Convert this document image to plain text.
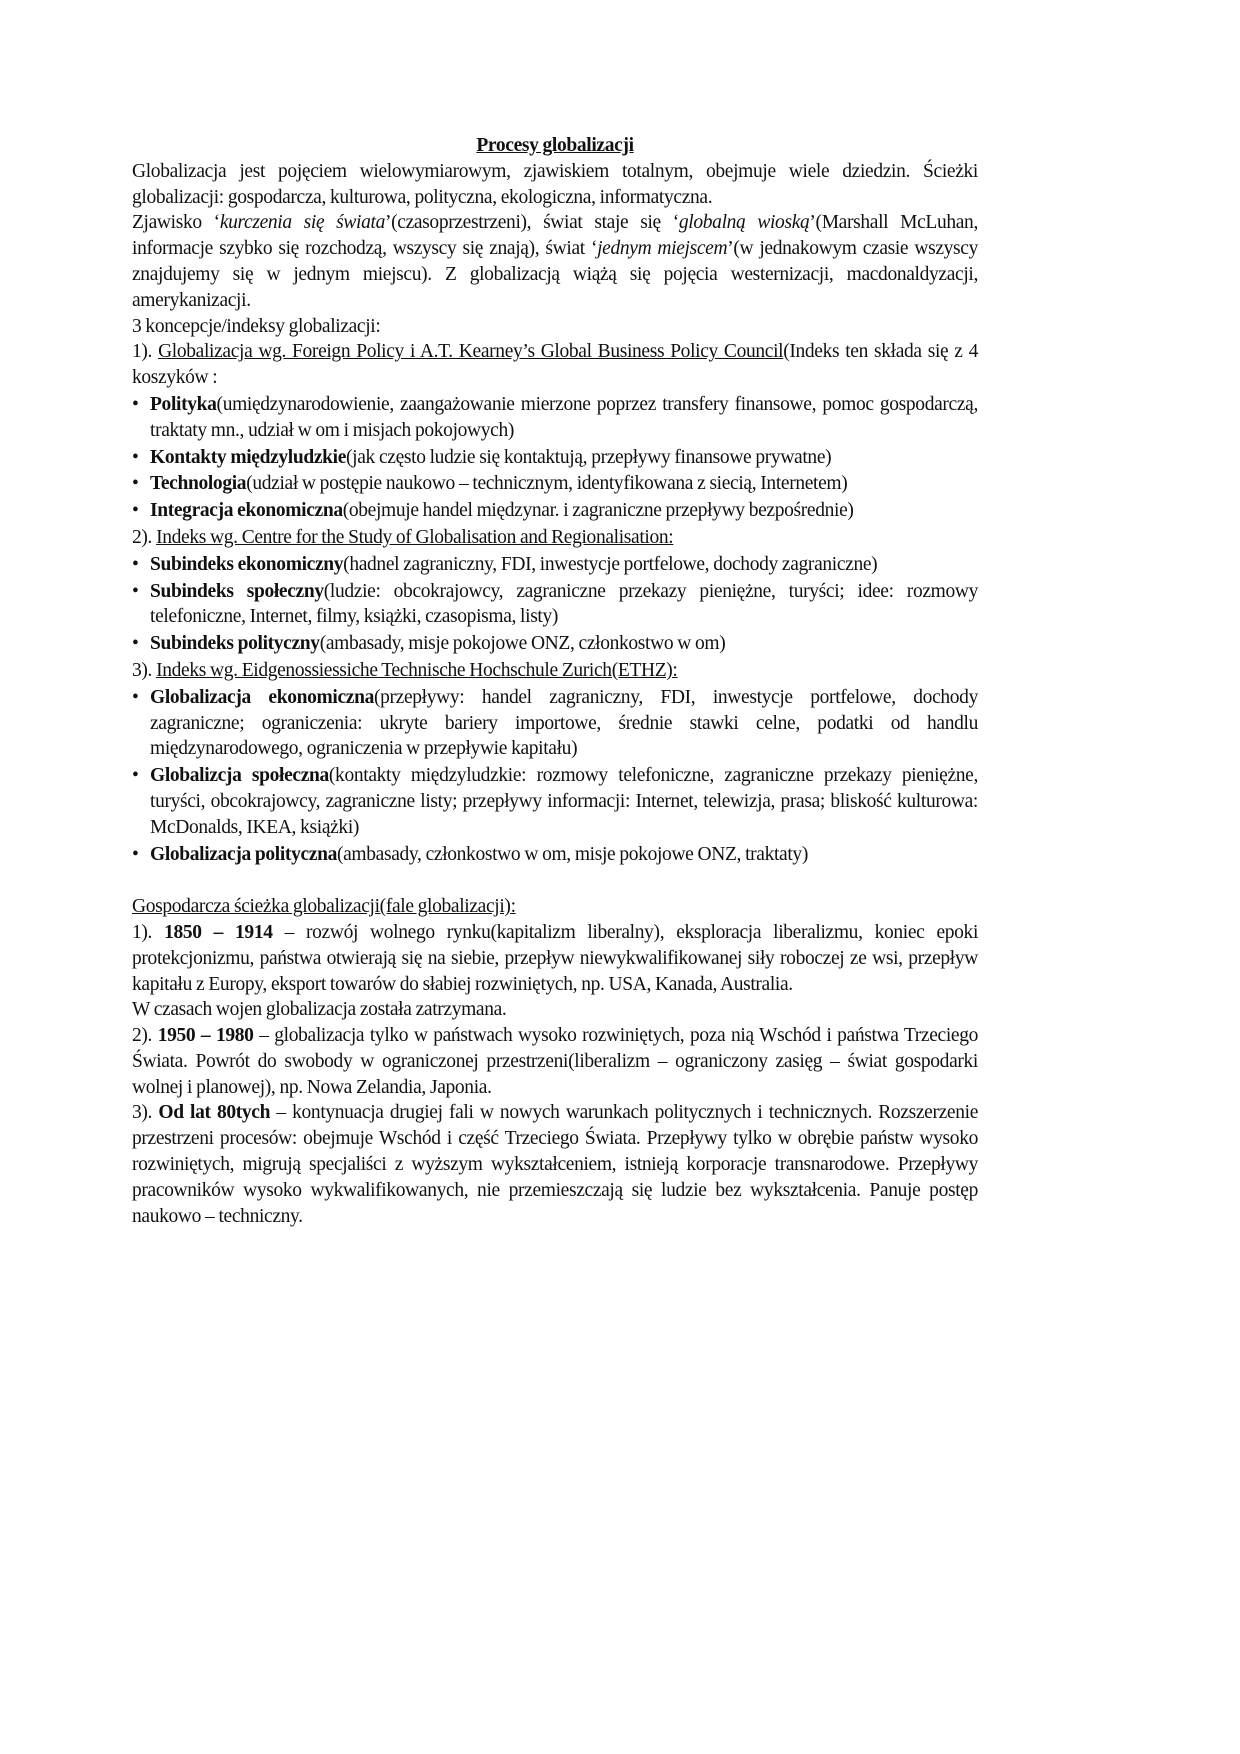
Procesy globalizacji

Globalizacja jest pojęciem wielowymiarowym, zjawiskiem totalnym, obejmuje wiele dziedzin. Ścieżki globalizacji: gospodarcza, kulturowa, polityczna, ekologiczna, informatyczna.

Zjawisko ‘kurczenia się świata’(czasoprzestrzeni), świat staje się ‘globalną wioską’(Marshall McLuhan, informacje szybko się rozchodzą, wszyscy się znają), świat ‘jednym miejscem’(w jednakowym czasie wszyscy znajdujemy się w jednym miejscu). Z globalizacją wiążą się pojęcia westernizacji, macdonaldyzacji, amerykanizacji.

3 koncepcje/indeksy globalizacji:

1). Globalizacja wg. Foreign Policy i A.T. Kearney’s Global Business Policy Council(Indeks ten składa się z 4 koszyków :

• Polityka(umiędzynarodowienie, zaangażowanie mierzone poprzez transfery finansowe, pomoc gospodarczą, traktaty mn., udział w om i misjach pokojowych)
• Kontakty międzyludzkie(jak często ludzie się kontaktują, przepływy finansowe prywatne)
• Technologia(udział w postępie naukowo – technicznym, identyfikowana z siecią, Internetem)
• Integracja ekonomiczna(obejmuje handel międzynar. i zagraniczne przepływy bezpośrednie)

2). Indeks wg. Centre for the Study of Globalisation and Regionalisation:

• Subindeks ekonomiczny(hadnel zagraniczny, FDI, inwestycje portfelowe, dochody zagraniczne)
• Subindeks społeczny(ludzie: obcokrajowcy, zagraniczne przekazy pieniężne, turyści; idee: rozmowy telefoniczne, Internet, filmy, książki, czasopisma, listy)
• Subindeks polityczny(ambasady, misje pokojowe ONZ, członkostwo w om)

3). Indeks wg. Eidgenossiessiche Technische Hochschule Zurich(ETHZ):

• Globalizacja ekonomiczna(przepływy: handel zagraniczny, FDI, inwestycje portfelowe, dochody zagraniczne; ograniczenia: ukryte bariery importowe, średnie stawki celne, podatki od handlu międzynarodowego, ograniczenia w przepływie kapitału)
• Globalizcja społeczna(kontakty międzyludzkie: rozmowy telefoniczne, zagraniczne przekazy pieniężne, turyści, obcokrajowcy, zagraniczne listy; przepływy informacji: Internet, telewizja, prasa; bliskość kulturowa: McDonalds, IKEA, książki)
• Globalizacja polityczna(ambasady, członkostwo w om, misje pokojowe ONZ, traktaty)

Gospodarcza ścieżka globalizacji(fale globalizacji):

1). 1850 – 1914 – rozwój wolnego rynku(kapitalizm liberalny), eksploracja liberalizmu, koniec epoki protekcjonizmu, państwa otwierają się na siebie, przepływ niewykwalifikowanej siły roboczej ze wsi, przepływ kapitału z Europy, eksport towarów do słabiej rozwiniętych, np. USA, Kanada, Australia.

W czasach wojen globalizacja została zatrzymana.

2). 1950 – 1980 – globalizacja tylko w państwach wysoko rozwiniętych, poza nią Wschód i państwa Trzeciego Świata. Powrót do swobody w ograniczonej przestrzeni(liberalizm – ograniczony zasięg – świat gospodarki wolnej i planowej), np. Nowa Zelandia, Japonia.

3). Od lat 80tych – kontynuacja drugiej fali w nowych warunkach politycznych i technicznych. Rozszerzenie przestrzeni procesów: obejmuje Wschód i część Trzeciego Świata. Przepływy tylko w obrębie państw wysoko rozwiniętych, migrują specjaliści z wyższym wykształceniem, istnieją korporacje transnarodowe. Przepływy pracowników wysoko wykwalifikowanych, nie przemieszczają się ludzie bez wykształcenia. Panuje postęp naukowo – techniczny.
